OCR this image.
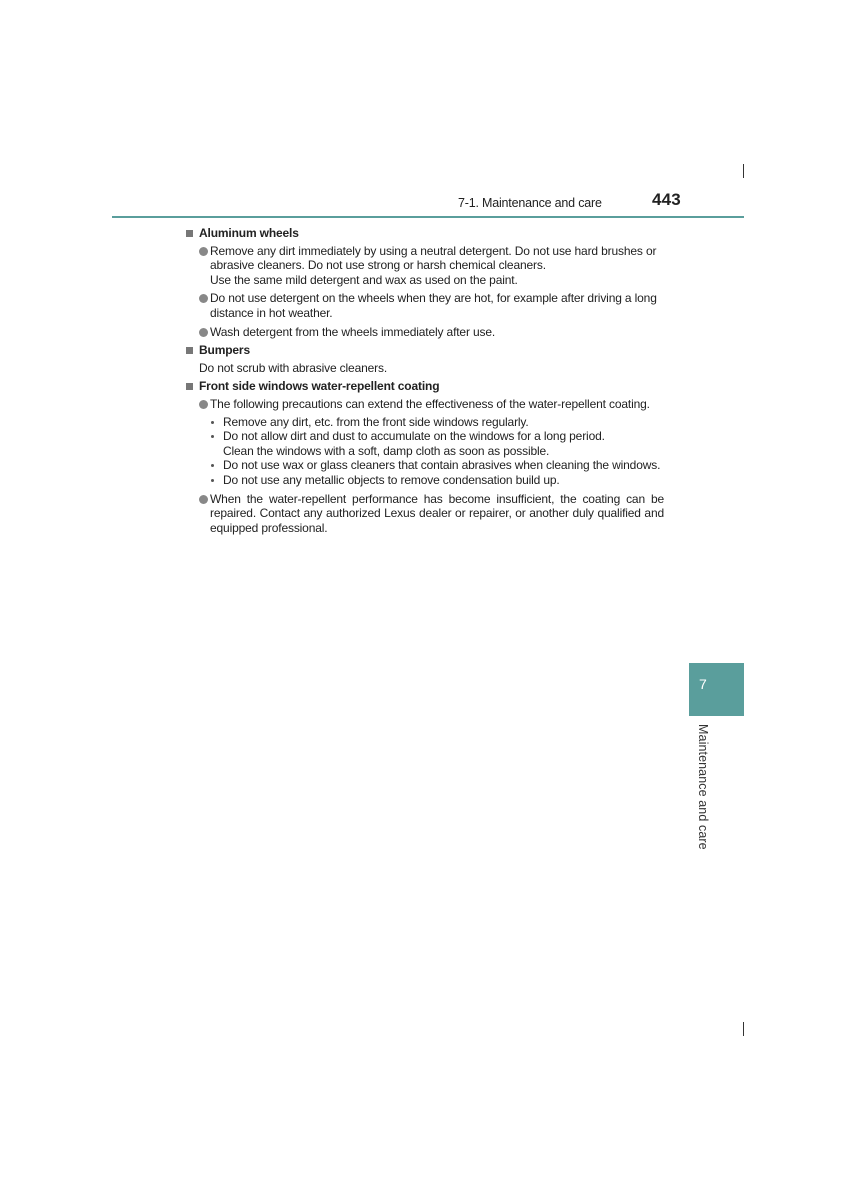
7-1. Maintenance and care	443
Aluminum wheels
Remove any dirt immediately by using a neutral detergent. Do not use hard brushes or
abrasive cleaners. Do not use strong or harsh chemical cleaners.
Use the same mild detergent and wax as used on the paint.
Do not use detergent on the wheels when they are hot, for example after driving a long
distance in hot weather.
Wash detergent from the wheels immediately after use.
Bumpers
Do not scrub with abrasive cleaners.
Front side windows water-repellent coating
The following precautions can extend the effectiveness of the water-repellent coating.
Remove any dirt, etc. from the front side windows regularly.
Do not allow dirt and dust to accumulate on the windows for a long period.
Clean the windows with a soft, damp cloth as soon as possible.
Do not use wax or glass cleaners that contain abrasives when cleaning the windows.
Do not use any metallic objects to remove condensation build up.
When the water-repellent performance has become insufficient, the coating can be repaired. Contact any authorized Lexus dealer or repairer, or another duly qualified and equipped professional.
7
Maintenance and care
